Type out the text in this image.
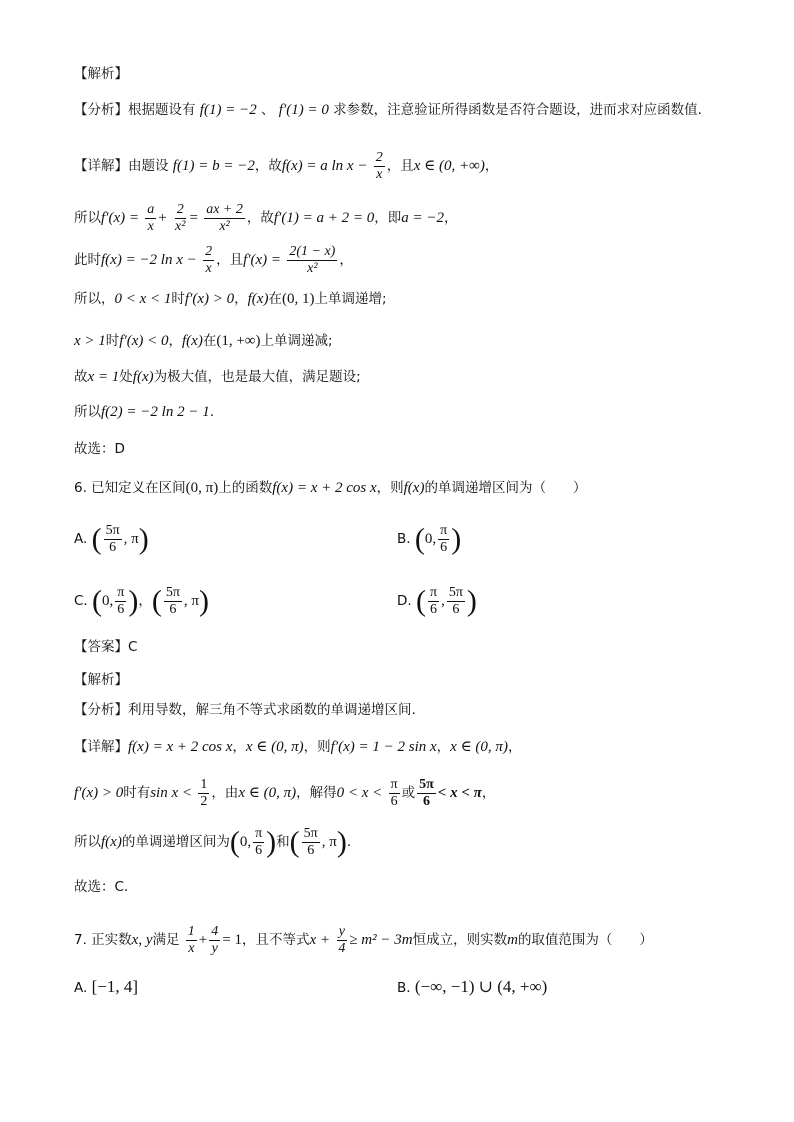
【解析】
【分析】根据题设有 f(1) = −2 、 f′(1) = 0 求参数，注意验证所得函数是否符合题设，进而求对应函数值.
【详解】由题设 f(1) = b = −2，故f(x) = a $\ln x - \frac{2}{x}$ ，且x ∈ (0, +∞)，
所以$f'(x) = \frac{a}{x} + \frac{2}{\text{x²}} = \frac{ax + 2}{\text{x²}}$ ，故f′(1) = a + 2 = 0，即a = −2，
此时f(x) = −2 $\ln x - \frac{2}{x}$ ，且$f'(x) = \frac{2(1 - x)}{\text{x²}}$ ，
所以，0 < x < 1时f′(x) > 0，f(x)在(0, 1)上单调递增;
x > 1时f′(x) < 0，f(x)在(1, +∞)上单调递减;
故x = 1处f(x)为极大值，也是最大值，满足题设;
所以f(2) = −2 ln 2 − 1.
故选：D
6. 已知定义在区间(0, π)上的函数f(x) = x + 2 cos x，则f(x)的单调递增区间为（　　）
A. ( $\frac{5\pi}{6}$ , π)	B. (0, $\frac{\pi}{6}$ )
C. (0, $\frac{\pi}{6}$ )，( $\frac{5\pi}{6}$ , π)	D. ( $\frac{\pi}{6}$ , $\frac{5\pi}{6}$ )
【答案】C
【解析】
【分析】利用导数，解三角不等式求函数的单调递增区间.
【详解】f(x) = x + 2 cos x，x ∈ (0, π)，则f′(x) = 1 − 2 sin x，x ∈ (0, π)，
f′(x) > 0时有$\sin x < \frac{1}{2}$ ，由x ∈ (0, π)，解得$0 < x < \frac{\pi}{6}$ 或 $\frac{5\pi}{6} < x < \pi$，
所以f(x)的单调递增区间为(0, $\frac{\pi}{6}$ )和( $\frac{5\pi}{6}$ , π).
故选：C.
7. 正实数x, y满足 $\frac{1}{x} + \frac{4}{y} = 1$，且不等式$x + \frac{y}{4} \ge m^2 - 3m$恒成立，则实数m的取值范围为（　　）
A. [−1, 4]	B. (−∞, −1) ∪ (4, +∞)
